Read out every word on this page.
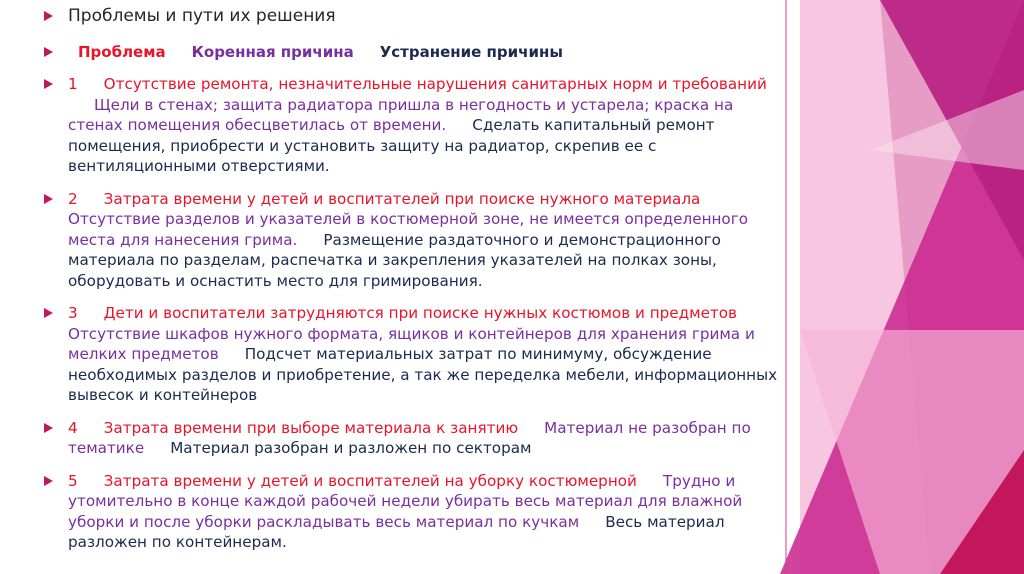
Проблемы и пути их решения
Проблема Коренная причина Устранение причины
1 Отсутствие ремонта, незначительные нарушения санитарных норм и требованийЩели в стенах; защита радиатора пришла в негодность и устарела; краска на стенах помещения обесцветилась от времени. Сделать капитальный ремонт помещения, приобрести и установить защиту на радиатор, скрепив ее с вентиляционными отверстиями.
2 Затрата времени у детей и воспитателей при поиске нужного материалаОтсутствие разделов и указателей в костюмерной зоне, не имеется определенного места для нанесения грима. Размещение раздаточного и демонстрационного материала по разделам, распечатка и закрепления указателей на полках зоны, оборудовать и оснастить место для гримирования.
3 Дети и воспитатели затрудняются при поиске нужных костюмов и предметовОтсутствие шкафов нужного формата, ящиков и контейнеров для хранения грима и мелких предметов Подсчет материальных затрат по минимуму, обсуждение необходимых разделов и приобретение, а так же переделка мебели, информационных вывесок и контейнеров
4 Затрата времени при выборе материала к занятию Материал не разобран по тематике Материал разобран и разложен по секторам
5 Затрата времени у детей и воспитателей на уборку костюмерной Трудно и утомительно в конце каждой рабочей недели убирать весь материал для влажной уборки и после уборки раскладывать весь материал по кучкам Весь материал разложен по контейнерам.
